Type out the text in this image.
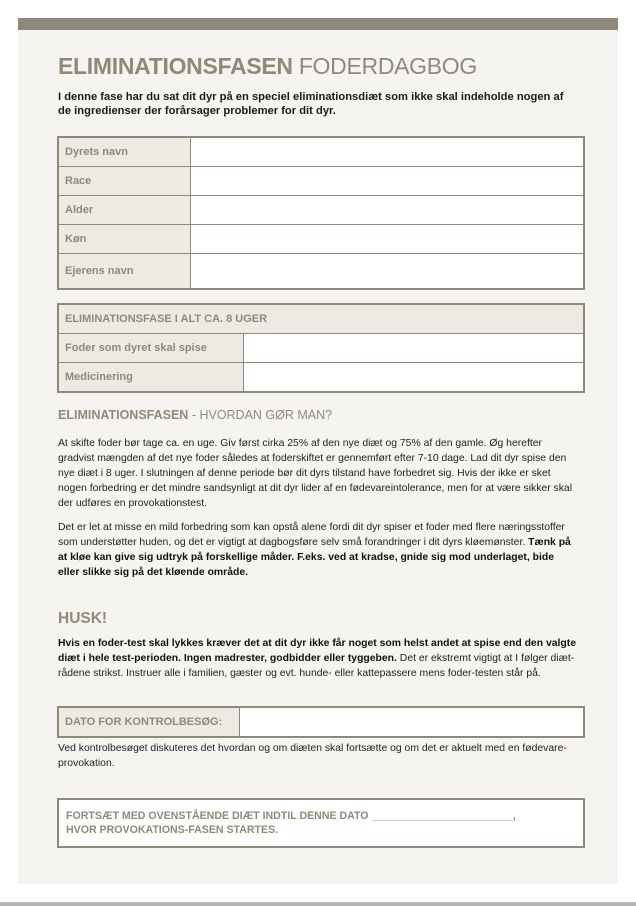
ELIMINATIONSFASEN FODERDAGBOG
I denne fase har du sat dit dyr på en speciel eliminationsdiæt som ikke skal indeholde nogen af de ingredienser der forårsager problemer for dit dyr.
Dyrets navn	
Race	
Alder	
Køn	
Ejerens navn	
ELIMINATIONSFASE I ALT CA. 8 UGER	
Foder som dyret skal spise	
Medicinering	
ELIMINATIONSFASEN - HVORDAN GØR MAN?
At skifte foder bør tage ca. en uge. Giv først cirka 25% af den nye diæt og 75% af den gamle. Øg herefter gradvist mængden af det nye foder således at foderskiftet er gennemført efter 7-10 dage. Lad dit dyr spise den nye diæt i 8 uger. I slutningen af denne periode bør dit dyrs tilstand have forbedret sig. Hvis der ikke er sket nogen forbedring er det mindre sandsynligt at dit dyr lider af en fødevareintolerance, men for at være sikker skal der udføres en provokationstest.
Det er let at misse en mild forbedring som kan opstå alene fordi dit dyr spiser et foder med flere næringsstoffer som understøtter huden, og det er vigtigt at dagbogsføre selv små forandringer i dit dyrs kløemønster. Tænk på at kløe kan give sig udtryk på forskellige måder. F.eks. ved at kradse, gnide sig mod underlaget, bide eller slikke sig på det kløende område.
HUSK!
Hvis en foder-test skal lykkes kræver det at dit dyr ikke får noget som helst andet at spise end den valgte diæt i hele test-perioden. Ingen madrester, godbidder eller tyggeben. Det er ekstremt vigtigt at I følger diæt-rådene strikst. Instruer alle i familien, gæster og evt. hunde- eller kattepassere mens foder-testen står på.
DATO FOR KONTROLBESØG:	
Ved kontrolbesøget diskuteres det hvordan og om diæten skal fortsætte og om det er aktuelt med en fødevare-provokation.
FORTSÆT MED OVENSTÅENDE DIÆT INDTIL DENNE DATO ________________________,
HVOR PROVOKATIONS-FASEN STARTES.
